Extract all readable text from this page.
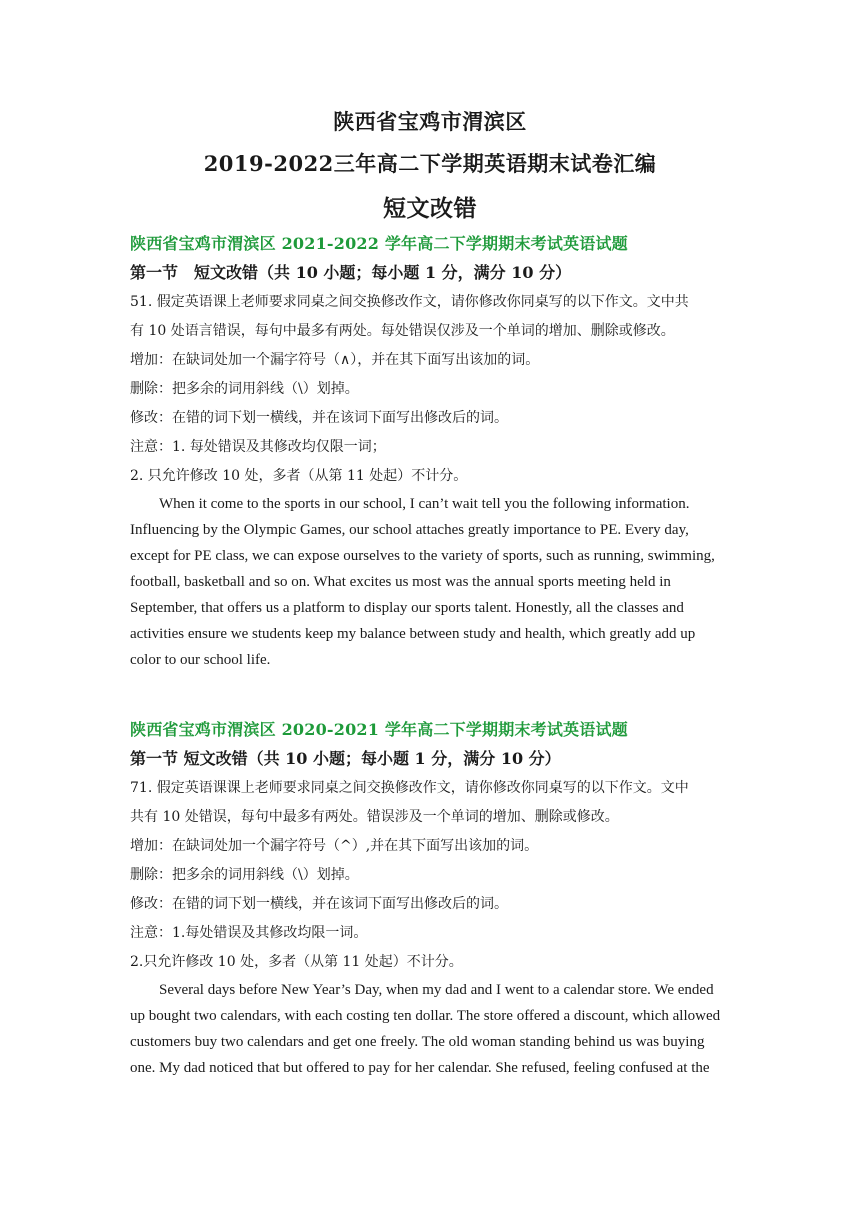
陕西省宝鸡市渭滨区
2019-2022三年高二下学期英语期末试卷汇编
短文改错
陕西省宝鸡市渭滨区 2021-2022 学年高二下学期期末考试英语试题
第一节　短文改错（共 10 小题；每小题 1 分，满分 10 分）
51. 假定英语课上老师要求同桌之间交换修改作文，请你修改你同桌写的以下作文。文中共
有 10 处语言错误，每句中最多有两处。每处错误仅涉及一个单词的增加、删除或修改。
增加：在缺词处加一个漏字符号（∧），并在其下面写出该加的词。
删除：把多余的词用斜线（\）划掉。
修改：在错的词下划一横线，并在该词下面写出修改后的词。
注意：1. 每处错误及其修改均仅限一词；
2. 只允许修改 10 处，多者（从第 11 处起）不计分。
When it come to the sports in our school, I can’t wait tell you the following information.
Influencing by the Olympic Games, our school attaches greatly importance to PE. Every day,
except for PE class, we can expose ourselves to the variety of sports, such as running, swimming,
football, basketball and so on. What excites us most was the annual sports meeting held in
September, that offers us a platform to display our sports talent. Honestly, all the classes and
activities ensure we students keep my balance between study and health, which greatly add up
color to our school life.
陕西省宝鸡市渭滨区 2020-2021 学年高二下学期期末考试英语试题
第一节 短文改错（共 10 小题；每小题 1 分，满分 10 分）
71. 假定英语课课上老师要求同桌之间交换修改作文，请你修改你同桌写的以下作文。文中
共有 10 处错误，每句中最多有两处。错误涉及一个单词的增加、删除或修改。
增加：在缺词处加一个漏字符号（^）,并在其下面写出该加的词。
删除：把多余的词用斜线（\）划掉。
修改：在错的词下划一横线，并在该词下面写出修改后的词。
注意：1.每处错误及其修改均限一词。
2.只允许修改 10 处，多者（从第 11 处起）不计分。
Several days before New Year’s Day, when my dad and I went to a calendar store. We ended
up bought two calendars, with each costing ten dollar. The store offered a discount, which allowed
customers buy two calendars and get one freely. The old woman standing behind us was buying
one. My dad noticed that but offered to pay for her calendar. She refused, feeling confused at the
